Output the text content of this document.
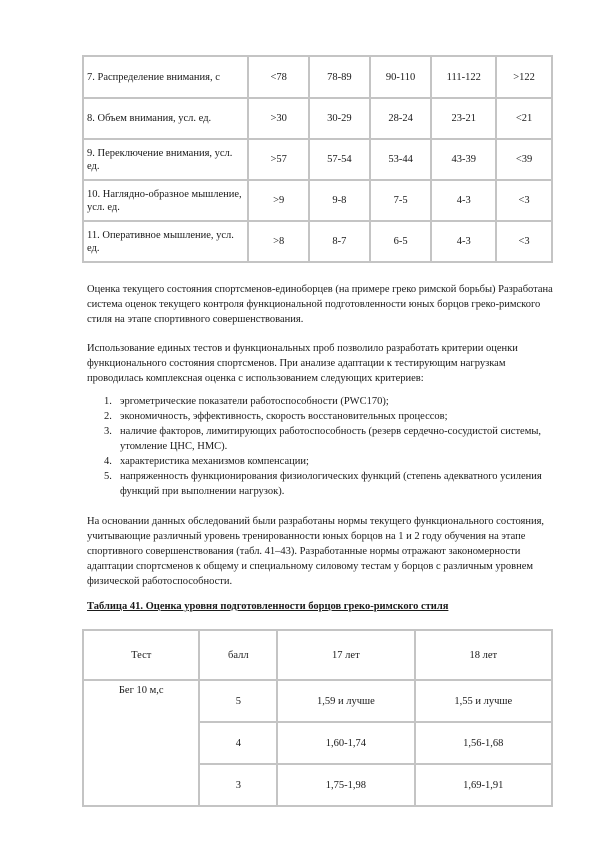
7. Распределение внимания, с	<78	78-89	90-110	111-122	>122
8. Объем внимания, усл. ед.	>30	30-29	28-24	23-21	<21
9. Переключение внимания, усл. ед.	>57	57-54	53-44	43-39	<39
10. Наглядно-образное мышление, усл. ед.	>9	9-8	7-5	4-3	<3
11. Оперативное мышление, усл. ед.	>8	8-7	6-5	4-3	<3

Оценка текущего состояния спортсменов-единоборцев (на примере греко римской борьбы) Разработана система оценок текущего контроля функциональной подготовленности юных борцов греко-римского стиля на этапе спортивного совершенствования.

Использование единых тестов и функциональных проб позволило разработать критерии оценки функционального состояния спортсменов. При анализе адаптации к тестирующим нагрузкам проводилась комплексная оценка с использованием следующих критериев:

1. эргометрические показатели работоспособности (PWC170);
2. экономичность, эффективность, скорость восстановительных процессов;
3. наличие факторов, лимитирующих работоспособность (резерв сердечно-сосудистой системы, утомление ЦНС, НМС).
4. характеристика механизмов компенсации;
5. напряженность функционирования физиологических функций (степень адекватного усиления функций при выполнении нагрузок).

На основании данных обследований были разработаны нормы текущего функционального состояния, учитывающие различный уровень тренированности юных борцов на 1 и 2 году обучения на этапе спортивного совершенствования (табл. 41–43). Разработанные нормы отражают закономерности адаптации спортсменов к общему и специальному силовому тестам у борцов с различным уровнем физической работоспособности.

Таблица 41. Оценка уровня подготовленности борцов греко-римского стиля

Тест	балл	17 лет	18 лет
Бег 10 м,с	5	1,59 и лучше	1,55 и лучше
	4	1,60-1,74	1,56-1,68
	3	1,75-1,98	1,69-1,91
